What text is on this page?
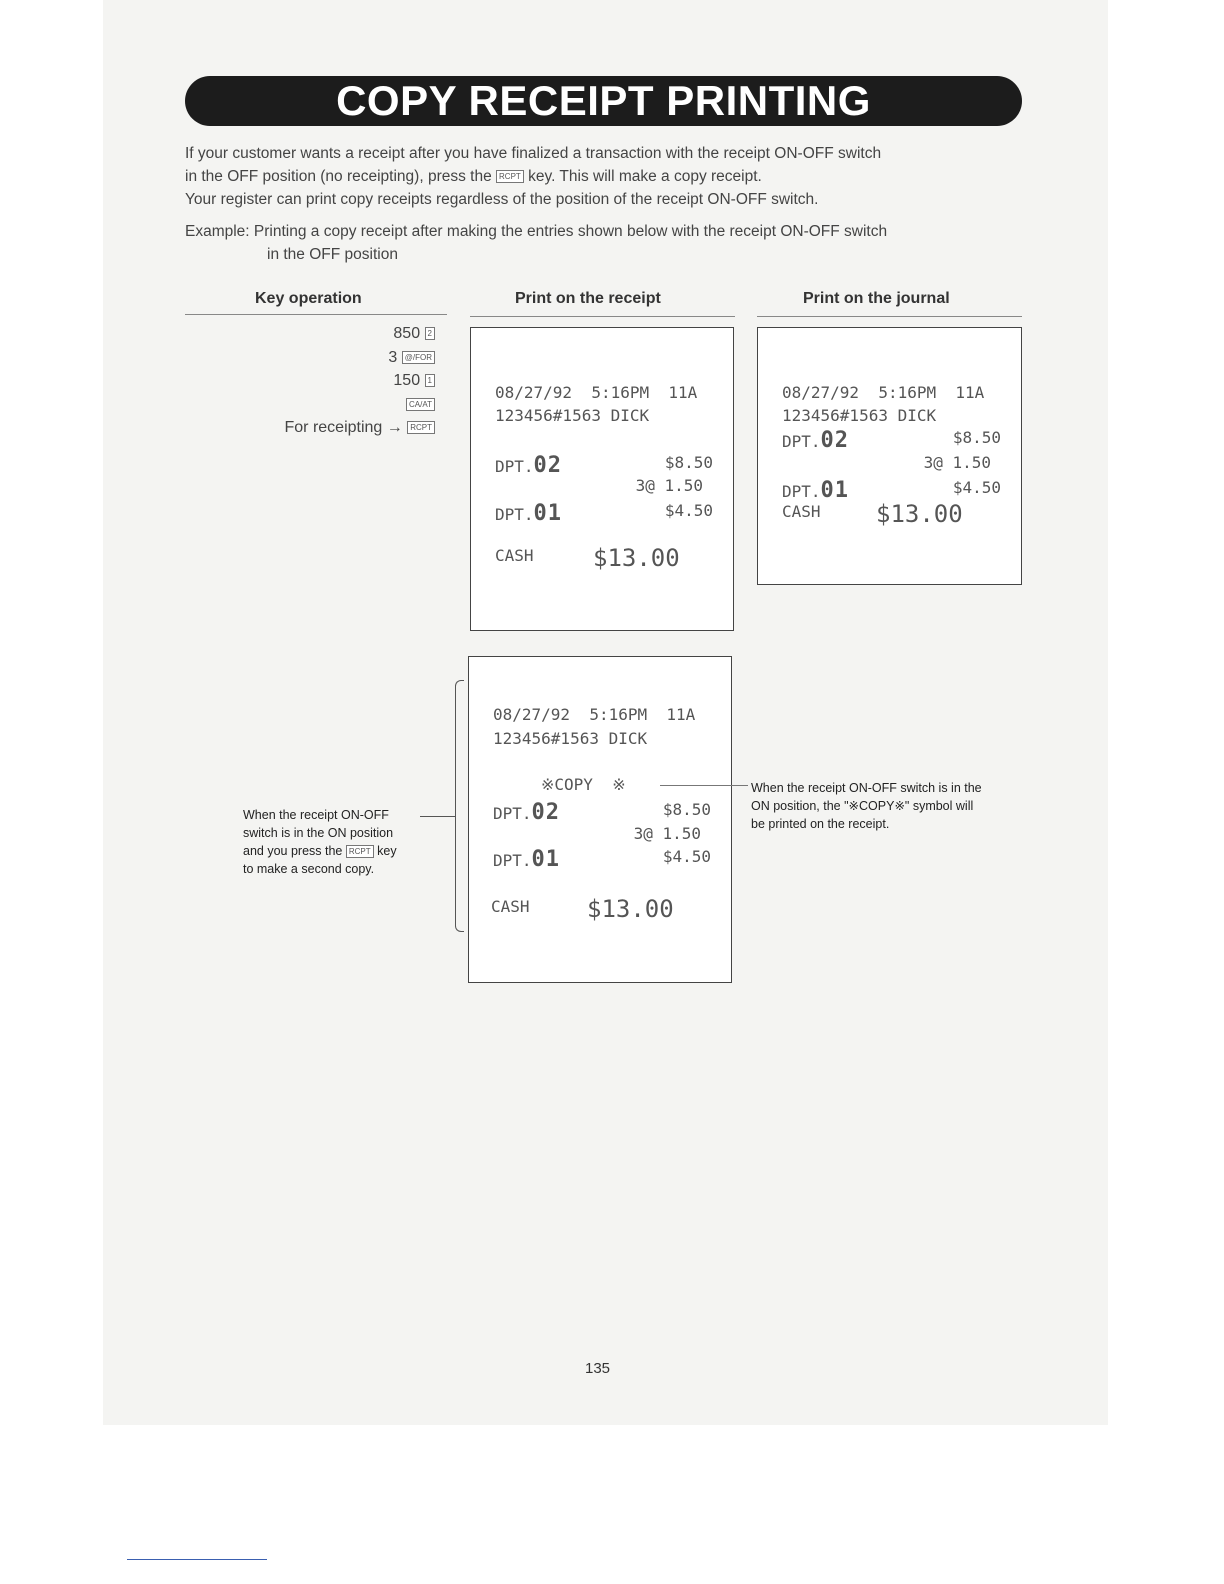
COPY RECEIPT PRINTING

If your customer wants a receipt after you have finalized a transaction with the receipt ON-OFF switch

in the OFF position (no receipting), press the RCPT key. This will make a copy receipt.

Your register can print copy receipts regardless of the position of the receipt ON-OFF switch.

Example: Printing a copy receipt after making the entries shown below with the receipt ON-OFF switch
in the OFF position
Key operation	Print on the receipt	Print on the journal
850 2
3 @/FOR
150 1
CA/AT
For receipting → RCPT
08/27/92  5:16PM  11A
123456#1563 DICK
DPT.02	$8.50
3@ 1.50
DPT.01	$4.50
CASH $13.00
08/27/92  5:16PM  11A
123456#1563 DICK
DPT.02	$8.50
3@ 1.50
DPT.01	$4.50
CASH $13.00
08/27/92  5:16PM  11A
123456#1563 DICK
※COPY  ※
DPT.02	$8.50
3@ 1.50
DPT.01	$4.50
CASH $13.00
When the receipt ON-OFF
switch is in the ON position
and you press the RCPT key
to make a second copy.
When the receipt ON-OFF switch is in the
ON position, the "※COPY※" symbol will
be printed on the receipt.
135
